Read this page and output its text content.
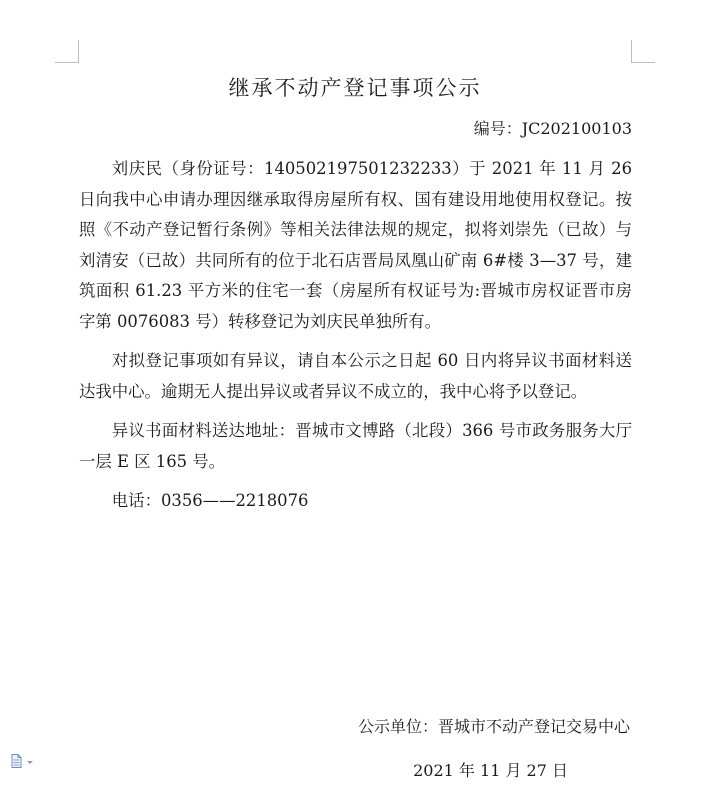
继承不动产登记事项公示
编号：JC202100103

刘庆民（身份证号：140502197501232233）于 2021 年 11 月 26 日向我中心申请办理因继承取得房屋所有权、国有建设用地使用权登记。按照《不动产登记暂行条例》等相关法律法规的规定，拟将刘崇先（已故）与刘清安（已故）共同所有的位于北石店晋局凤凰山矿南 6#楼 3—37 号，建筑面积 61.23 平方米的住宅一套（房屋所有权证号为:晋城市房权证晋市房字第 0076083 号）转移登记为刘庆民单独所有。

对拟登记事项如有异议，请自本公示之日起 60 日内将异议书面材料送达我中心。逾期无人提出异议或者异议不成立的，我中心将予以登记。

异议书面材料送达地址：晋城市文博路（北段）366 号市政务服务大厅一层 E 区 165 号。

电话：0356——2218076

公示单位：晋城市不动产登记交易中心
2021 年 11 月 27 日
